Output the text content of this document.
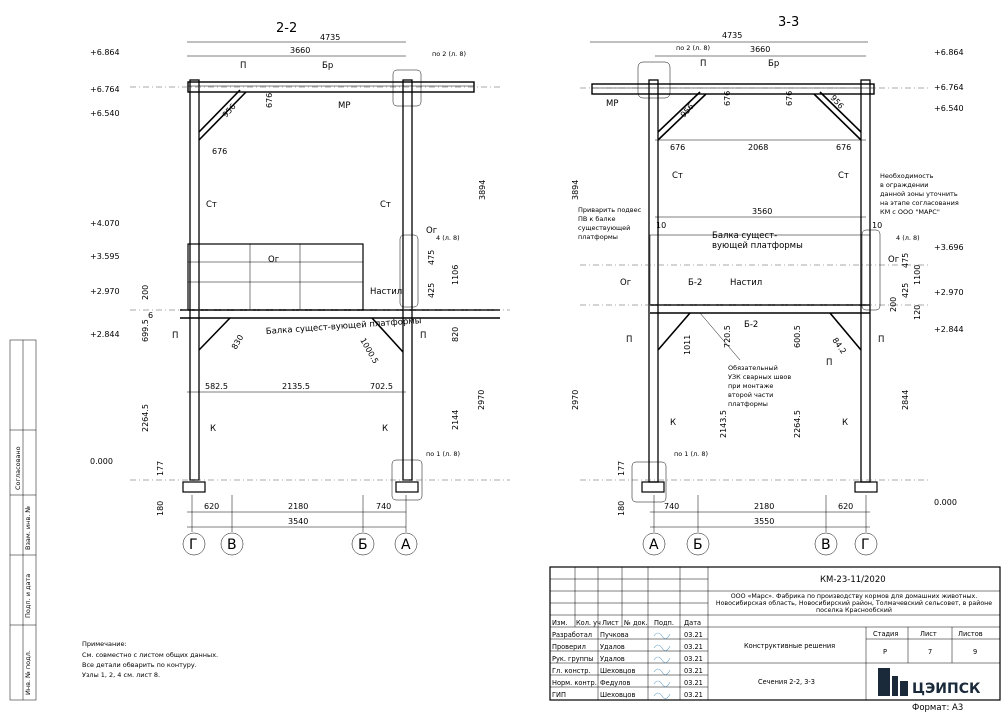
Инв. № подл.
Подп. и дата
Взам. инв. №
Согласовано
2-2
4735
3660
+6.864
+6.764
+6.540
+4.070
+3.595
+2.970
+2.844
0.000
П	Бр
МР
Ст	Ст
Ог
Ог
Настил
П	П
К	К
по 2 (л. 8)
4 (л. 8)
по 1 (л. 8)
Балка сущест-вующей платформы
582.5	2135.5	702.5
620	2180	740
3540
3894
475
1106
425
820
2970
2144
200
699.5
2264.5
177
180
6
956
676
676
830	1000.5
Г В	Б А
3-3
4735
3660	+6.864
+6.764
+6.540
+3.696
+2.970
+2.844
0.000
П	Бр
МР
Ст	Ст
Ог
Ог
Б-2
Б-2
Настил
П	П
П
К	К
по 2 (л. 8)
4 (л. 8)
по 1 (л. 8)
740	2180	620
3550
676	2068	676
3560
475
1100
425
120
200
2844
3894
2970
177
180
10	10
956
676	676	956
1011	720.5	600.5	84.2
2143.5	2264.5
Приварить подвес ПВ к балке существующей платформы
Необходимость в ограждении данной зоны уточнить на этапе согласования КМ с ООО "МАРС"
Балка сущест-вующей платформы
Обязательный УЗК сварных швов при монтаже второй части платформы
А Б	В Г
Примечание:
См. совместно с листом общих данных.
Все детали обварить по контуру.
Узлы 1, 2, 4 см. лист 8.
Изм. Кол. уч Лист № док. Подп. Дата
Разработал Пучкова	03.21
Проверил Удалов	03.21
Рук. группы Удалов	03.21
Гл. констр. Шеховцов	03.21
Норм. контр. Федулов	03.21
ГИП	Шеховцов	03.21
КМ-23-11/2020
ООО «Марс». Фабрика по производству кормов для домашних животных. Новосибирская область, Новосибирский район, Толмачевский сельсовет, в районе поселка Краснообский
Конструктивные решения
Сечения 2-2, 3-3
Стадия	Лист	Листов
Р	7	9
ЦЭИПСК
Формат: А3
